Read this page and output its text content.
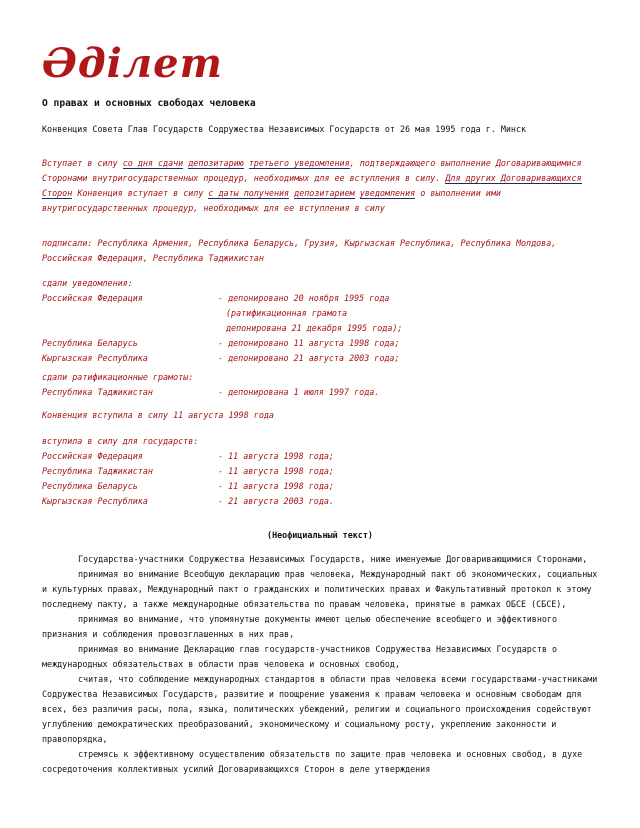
Әділет
О правах и основных свободах человека
Конвенция Совета Глав Государств Содружества Независимых Государств от 26 мая 1995 года г. Минск
Вступает в силу со дня сдачи депозитарию третьего уведомления, подтверждающего выполнение Договаривающимися Сторонами внутригосударственных процедур, необходимых для ее вступления в силу. Для других Договаривающихся Сторон Конвенция вступает в силу с даты получения депозитарием уведомления о выполнении ими внутригосударственных процедур, необходимых для ее вступления в силу
подписали: Республика Армения, Республика Беларусь, Грузия, Кыргызская Республика, Республика Молдова, Российская Федерация, Республика Таджикистан
сдали уведомления:
Российская Федерация	- депонировано 20 ноября 1995 года
(ратификационная грамота
депонирована 21 декабря 1995 года);
Республика Беларусь	- депонировано 11 августа 1998 года;
Кыргызская Республика	- депонировано 21 августа 2003 года;
сдали ратификационные грамоты:
Республика Таджикистан	- депонирована 1 июля 1997 года.
Конвенция вступила в силу 11 августа 1998 года
вступила в силу для государств:
Российская Федерация	- 11 августа 1998 года;
Республика Таджикистан	- 11 августа 1998 года;
Республика Беларусь	- 11 августа 1998 года;
Кыргызская Республика	- 21 августа 2003 года.
(Неофициальный текст)

Государства-участники Содружества Независимых Государств, ниже именуемые Договаривающимися Сторонами,

принимая во внимание Всеобщую декларацию прав человека, Международный пакт об экономических, социальных и культурных правах, Международный пакт о гражданских и политических правах и Факультативный протокол к этому последнему пакту, а также международные обязательства по правам человека, принятые в рамках ОБСЕ (СБСЕ),

принимая во внимание, что упомянутые документы имеют целью обеспечение всеобщего и эффективного признания и соблюдения провозглашенных в них прав,

принимая во внимание Декларацию глав государств-участников Содружества Независимых Государств о международных обязательствах в области прав человека и основных свобод,

считая, что соблюдение международных стандартов в области прав человека всеми государствами-участниками Содружества Независимых Государств, развитие и поощрение уважения к правам человека и основным свободам для всех, без различия расы, пола, языка, политических убеждений, религии и социального происхождения содействуют углублению демократических преобразований, экономическому и социальному росту, укреплению законности и правопорядка,

стремясь к эффективному осуществлению обязательств по защите прав человека и основных свобод, в духе сосредоточения коллективных усилий Договаривающихся Сторон в деле утверждения
